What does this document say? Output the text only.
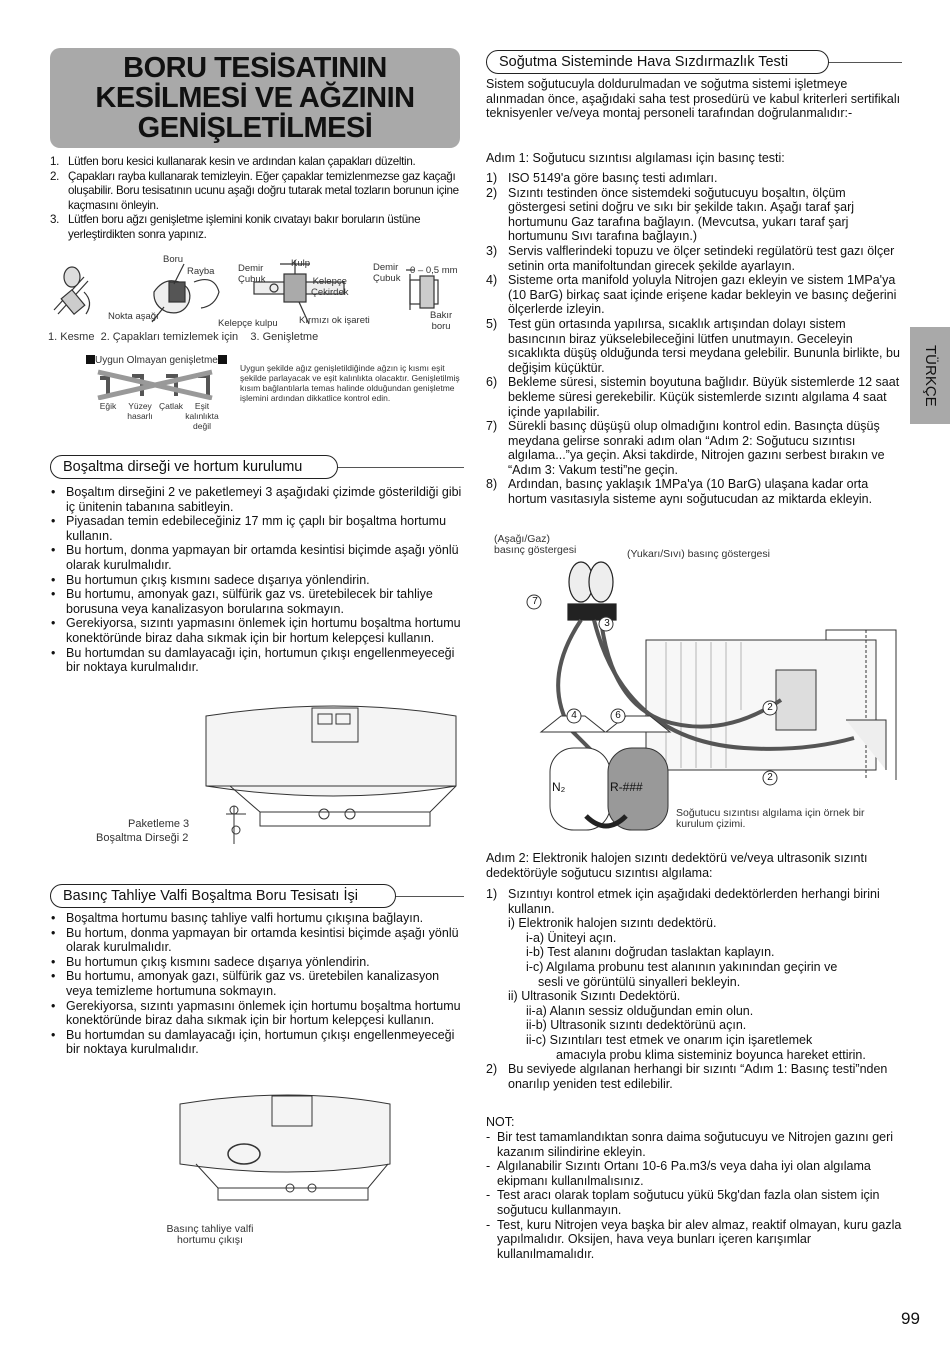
BORU TESİSATININ
KESİLMESİ VE AĞZININ
GENİŞLETİLMESİ
1. Lütfen boru kesici kullanarak kesin ve ardından kalan çapakları düzeltin.
2. Çapakları rayba kullanarak temizleyin. Eğer çapaklar temizlenmezse gaz kaçağı oluşabilir. Boru tesisatının ucunu aşağı doğru tutarak metal tozların borunun içine kaçmasını önleyin.
3. Lütfen boru ağzı genişletme işlemini konik cıvatayı bakır boruların üstüne yerleştirdikten sonra yapınız.
Boru
Rayba
Nokta aşağı
Demir
Çubuk
Kulp
Kelepçe
Çekirdek
Kelepçe kulpu Kırmızı ok işareti
Demir
Çubuk
0 – 0,5 mm
Bakır
boru
1. Kesme  2. Çapakları temizlemek için    3. Genişletme
Uygun Olmayan genişletme
Eğik	Yüzey hasarlı
Çatlak	Eşit kalınlıkta değil
Uygun şekilde ağız genişletildiğinde ağzın iç kısmı eşit şekilde parlayacak ve eşit kalınlıkta olacaktır. Genişletilmiş kısım bağlantılarla temas halinde olduğundan genişletme işlemini ardından dikkatlice kontrol edin.
Boşaltma dirseği ve hortum kurulumu
• Boşaltım dirseğini 2 ve paketlemeyi 3 aşağıdaki çizimde gösterildiği gibi iç ünitenin tabanına sabitleyin.
• Piyasadan temin edebileceğiniz 17 mm iç çaplı bir boşaltma hortumu kullanın.
• Bu hortum, donma yapmayan bir ortamda kesintisi biçimde aşağı yönlü olarak kurulmalıdır.
• Bu hortumun çıkış kısmını sadece dışarıya yönlendirin.
• Bu hortumu, amonyak gazı, sülfürik gaz vs. üretebilecek bir tahliye borusuna veya kanalizasyon borularına sokmayın.
• Gerekiyorsa, sızıntı yapmasını önlemek için hortumu boşaltma hortumu konektöründe biraz daha sıkmak için bir hortum kelepçesi kullanın.
• Bu hortumdan su damlayacağı için, hortumun çıkışı engellenmeyeceği bir noktaya kurulmalıdır.
Paketleme 3
Boşaltma Dirseği 2
Basınç Tahliye Valfi Boşaltma Boru Tesisatı İşi
• Boşaltma hortumu basınç tahliye valfi hortumu çıkışına bağlayın.
• Bu hortum, donma yapmayan bir ortamda kesintisi biçimde aşağı yönlü olarak kurulmalıdır.
• Bu hortumun çıkış kısmını sadece dışarıya yönlendirin.
• Bu hortumu, amonyak gazı, sülfürik gaz vs. üretebilen kanalizasyon veya temizleme hortumuna sokmayın.
• Gerekiyorsa, sızıntı yapmasını önlemek için hortumu boşaltma hortumu konektöründe biraz daha sıkmak için bir hortum kelepçesi kullanın.
• Bu hortumdan su damlayacağı için, hortumun çıkışı engellenmeyeceği bir noktaya kurulmalıdır.
Basınç tahliye valfi
hortumu çıkışı
Soğutma Sisteminde Hava Sızdırmazlık Testi
Sistem soğutucuyla doldurulmadan ve soğutma sistemi işletmeye alınmadan önce, aşağıdaki saha test prosedürü ve kabul kriterleri sertifikalı teknisyenler ve/veya montaj personeli tarafından doğrulanmalıdır:-
Adım 1: Soğutucu sızıntısı algılaması için basınç testi:
1) ISO 5149'a göre basınç testi adımları.
2) Sızıntı testinden önce sistemdeki soğutucuyu boşaltın, ölçüm göstergesi setini doğru ve sıkı bir şekilde takın. Aşağı taraf şarj hortumunu Gaz tarafına bağlayın. (Mevcutsa, yukarı taraf şarj hortumunu Sıvı tarafına bağlayın.)
3) Servis valflerindeki topuzu ve ölçer setindeki regülatörü test gazı ölçer setinin orta manifoltundan girecek şekilde ayarlayın.
4) Sisteme orta manifold yoluyla Nitrojen gazı ekleyin ve sistem 1MPa'ya (10 BarG) birkaç saat içinde erişene kadar bekleyin ve basınç değerini ölçerlerde izleyin.
5) Test gün ortasında yapılırsa, sıcaklık artışından dolayı sistem basıncının biraz yükselebileceğini lütfen unutmayın. Geceleyin sıcaklıkta düşüş olduğunda tersi meydana gelebilir. Bununla birlikte, bu değişim küçüktür.
6) Bekleme süresi, sistemin boyutuna bağlıdır. Büyük sistemlerde 12 saat bekleme süresi gerekebilir. Küçük sistemlerde sızıntı algılama 4 saat içinde yapılabilir.
7) Sürekli basınç düşüşü olup olmadığını kontrol edin. Basınçta düşüş meydana gelirse sonraki adım olan “Adım 2: Soğutucu sızıntısı algılama...”ya geçin. Aksi takdirde, Nitrojen gazını serbest bırakın ve “Adım 3: Vakum testi”ne geçin.
8) Ardından, basınç yaklaşık 1MPa'ya (10 BarG) ulaşana kadar orta hortum vasıtasıyla sisteme aynı soğutucudan az miktarda ekleyin.
(Aşağı/Gaz)
basınç göstergesi	(Yukarı/Sıvı) basınç göstergesi
7
3
4	6
2
2
N₂	R-###
Soğutucu sızıntısı algılama için örnek bir
kurulum çizimi.
Adım 2: Elektronik halojen sızıntı dedektörü ve/veya ultrasonik sızıntı dedektörüyle soğutucu sızıntısı algılama:
1) Sızıntıyı kontrol etmek için aşağıdaki dedektörlerden herhangi birini kullanın.
i) Elektronik halojen sızıntı dedektörü.
i-a) Üniteyi açın.
i-b) Test alanını doğrudan taslaktan kaplayın.
i-c) Algılama probunu test alanının yakınından geçirin ve
sesli ve görüntülü sinyalleri bekleyin.
ii) Ultrasonik Sızıntı Dedektörü.
ii-a) Alanın sessiz olduğundan emin olun.
ii-b) Ultrasonik sızıntı dedektörünü açın.
ii-c) Sızıntıları test etmek ve onarım için işaretlemek
amacıyla probu klima sisteminiz boyunca hareket ettirin.
2) Bu seviyede algılanan herhangi bir sızıntı “Adım 1: Basınç testi”nden onarılıp yeniden test edilebilir.
NOT:
- Bir test tamamlandıktan sonra daima soğutucuyu ve Nitrojen gazını geri kazanım silindirine ekleyin.
- Algılanabilir Sızıntı Ortanı 10-6 Pa.m3/s veya daha iyi olan algılama ekipmanı kullanılmalısınız.
- Test aracı olarak toplam soğutucu yükü 5kg'dan fazla olan sistem için soğutucu kullanmayın.
- Test, kuru Nitrojen veya başka bir alev almaz, reaktif olmayan, kuru gazla yapılmalıdır. Oksijen, hava veya bunları içeren karışımlar kullanılmamalıdır.
TÜRKÇE
99
